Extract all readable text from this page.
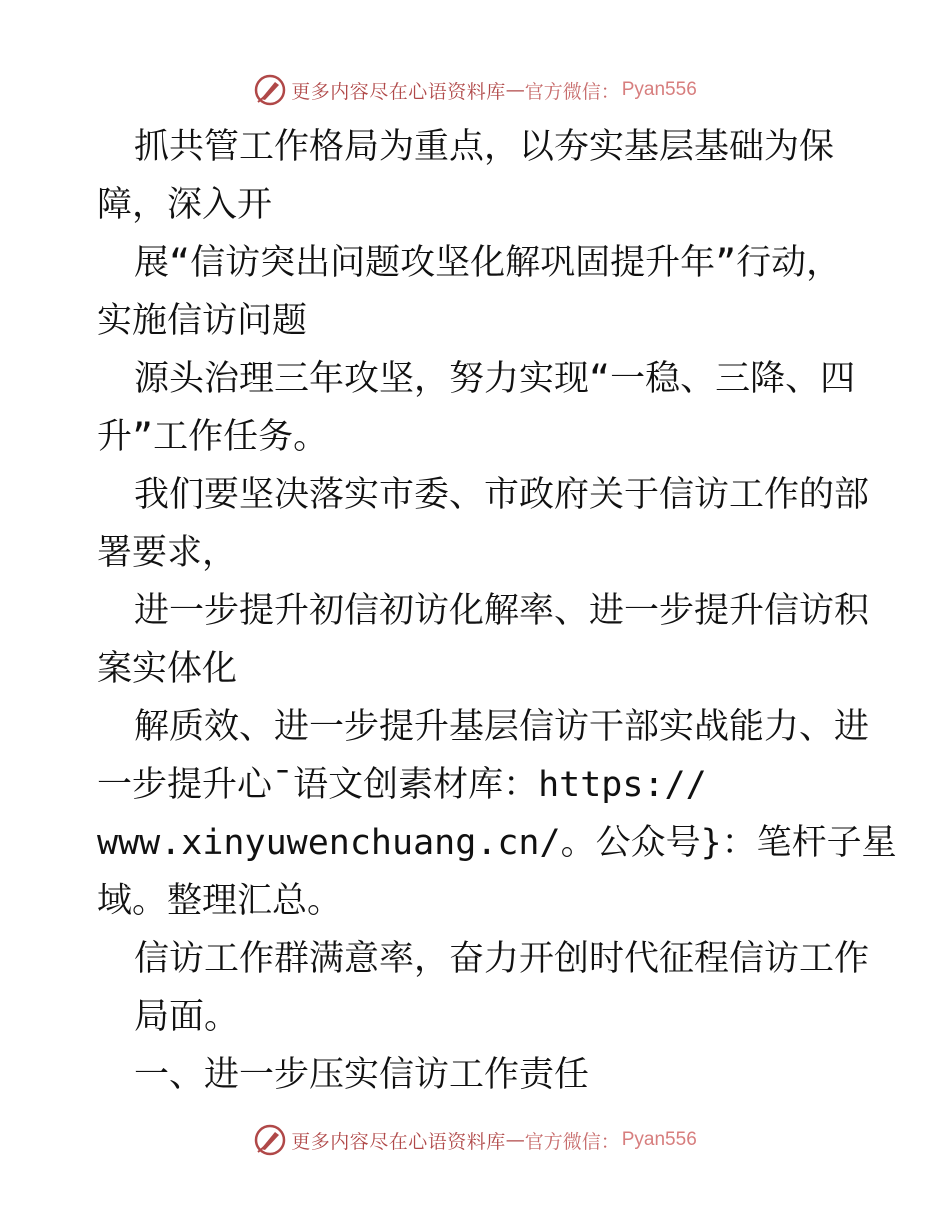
更多内容尽在心语资料库 — 官方微信： Pyan556
抓共管工作格局为重点，以夯实基层基础为保
障，深入开
展“信访突出问题攻坚化解巩固提升年”行动，
实施信访问题
源头治理三年攻坚，努力实现“一稳、三降、四
升”工作任务。
我们要坚决落实市委、市政府关于信访工作的部
署要求，
进一步提升初信初访化解率、进一步提升信访积
案实体化
解质效、进一步提升基层信访干部实战能力、进
一步提升心¯语文创素材库：https://
www.xinyuwenchuang.cn/。公众号}：笔杆子星
域。整理汇总。
信访工作群满意率，奋力开创时代征程信访工作
局面。
一、进一步压实信访工作责任
更多内容尽在心语资料库 — 官方微信： Pyan556
